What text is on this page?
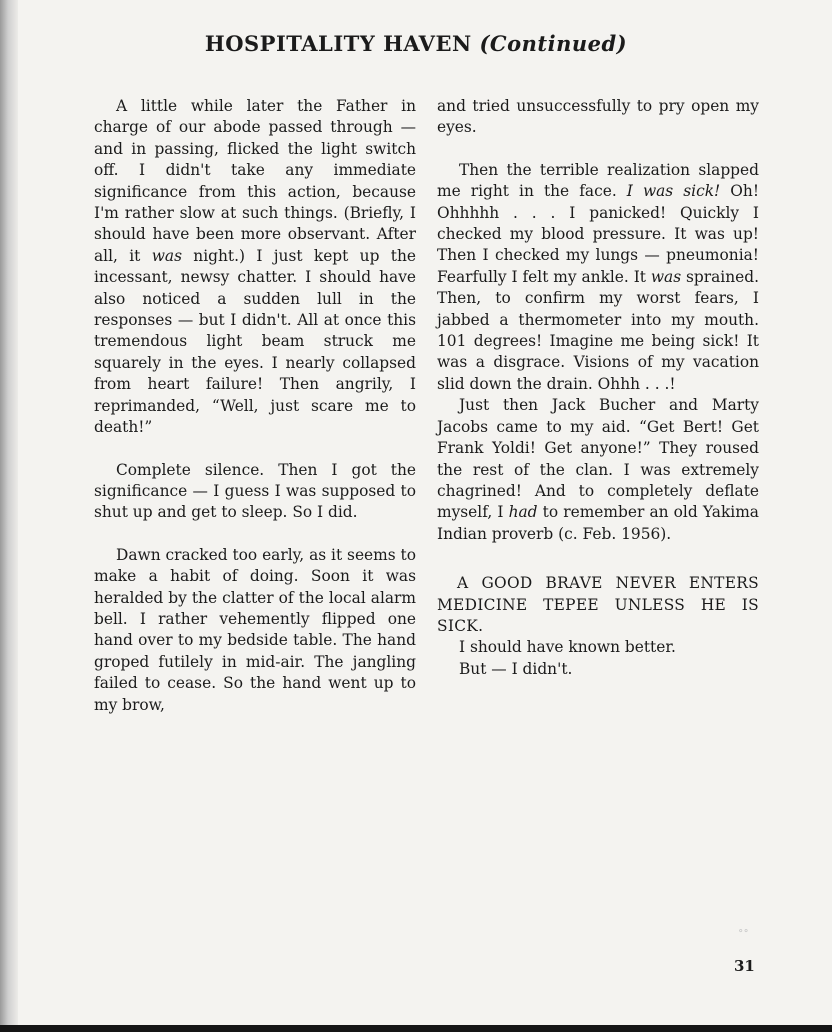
HOSPITALITY HAVEN (Continued)

A little while later the Father in charge of our abode passed through — and in passing, flicked the light switch off. I didn't take any immediate significance from this action, because I'm rather slow at such things. (Briefly, I should have been more observant. After all, it was night.) I just kept up the incessant, newsy chatter. I should have also noticed a sudden lull in the responses — but I didn't. All at once this tremendous light beam struck me squarely in the eyes. I nearly collapsed from heart failure! Then angrily, I reprimanded, “Well, just scare me to death!”

Complete silence. Then I got the significance — I guess I was supposed to shut up and get to sleep. So I did.

Dawn cracked too early, as it seems to make a habit of doing. Soon it was heralded by the clatter of the local alarm bell. I rather vehemently flipped one hand over to my bedside table. The hand groped futilely in mid-air. The jangling failed to cease. So the hand went up to my brow,

and tried unsuccessfully to pry open my eyes.

Then the terrible realization slapped me right in the face. I was sick! Oh! Ohhhhh . . . I panicked! Quickly I checked my blood pressure. It was up! Then I checked my lungs — pneumonia! Fearfully I felt my ankle. It was sprained. Then, to confirm my worst fears, I jabbed a thermometer into my mouth. 101 degrees! Imagine me being sick! It was a disgrace. Visions of my vacation slid down the drain. Ohhh . . .!

Just then Jack Bucher and Marty Jacobs came to my aid. “Get Bert! Get Frank Yoldi! Get anyone!” They roused the rest of the clan. I was extremely chagrined! And to completely deflate myself, I had to remember an old Yakima Indian proverb (c. Feb. 1956).

A GOOD BRAVE NEVER ENTERS MEDICINE TEPEE UNLESS HE IS SICK.

I should have known better.

But — I didn't.

∘∘
31
